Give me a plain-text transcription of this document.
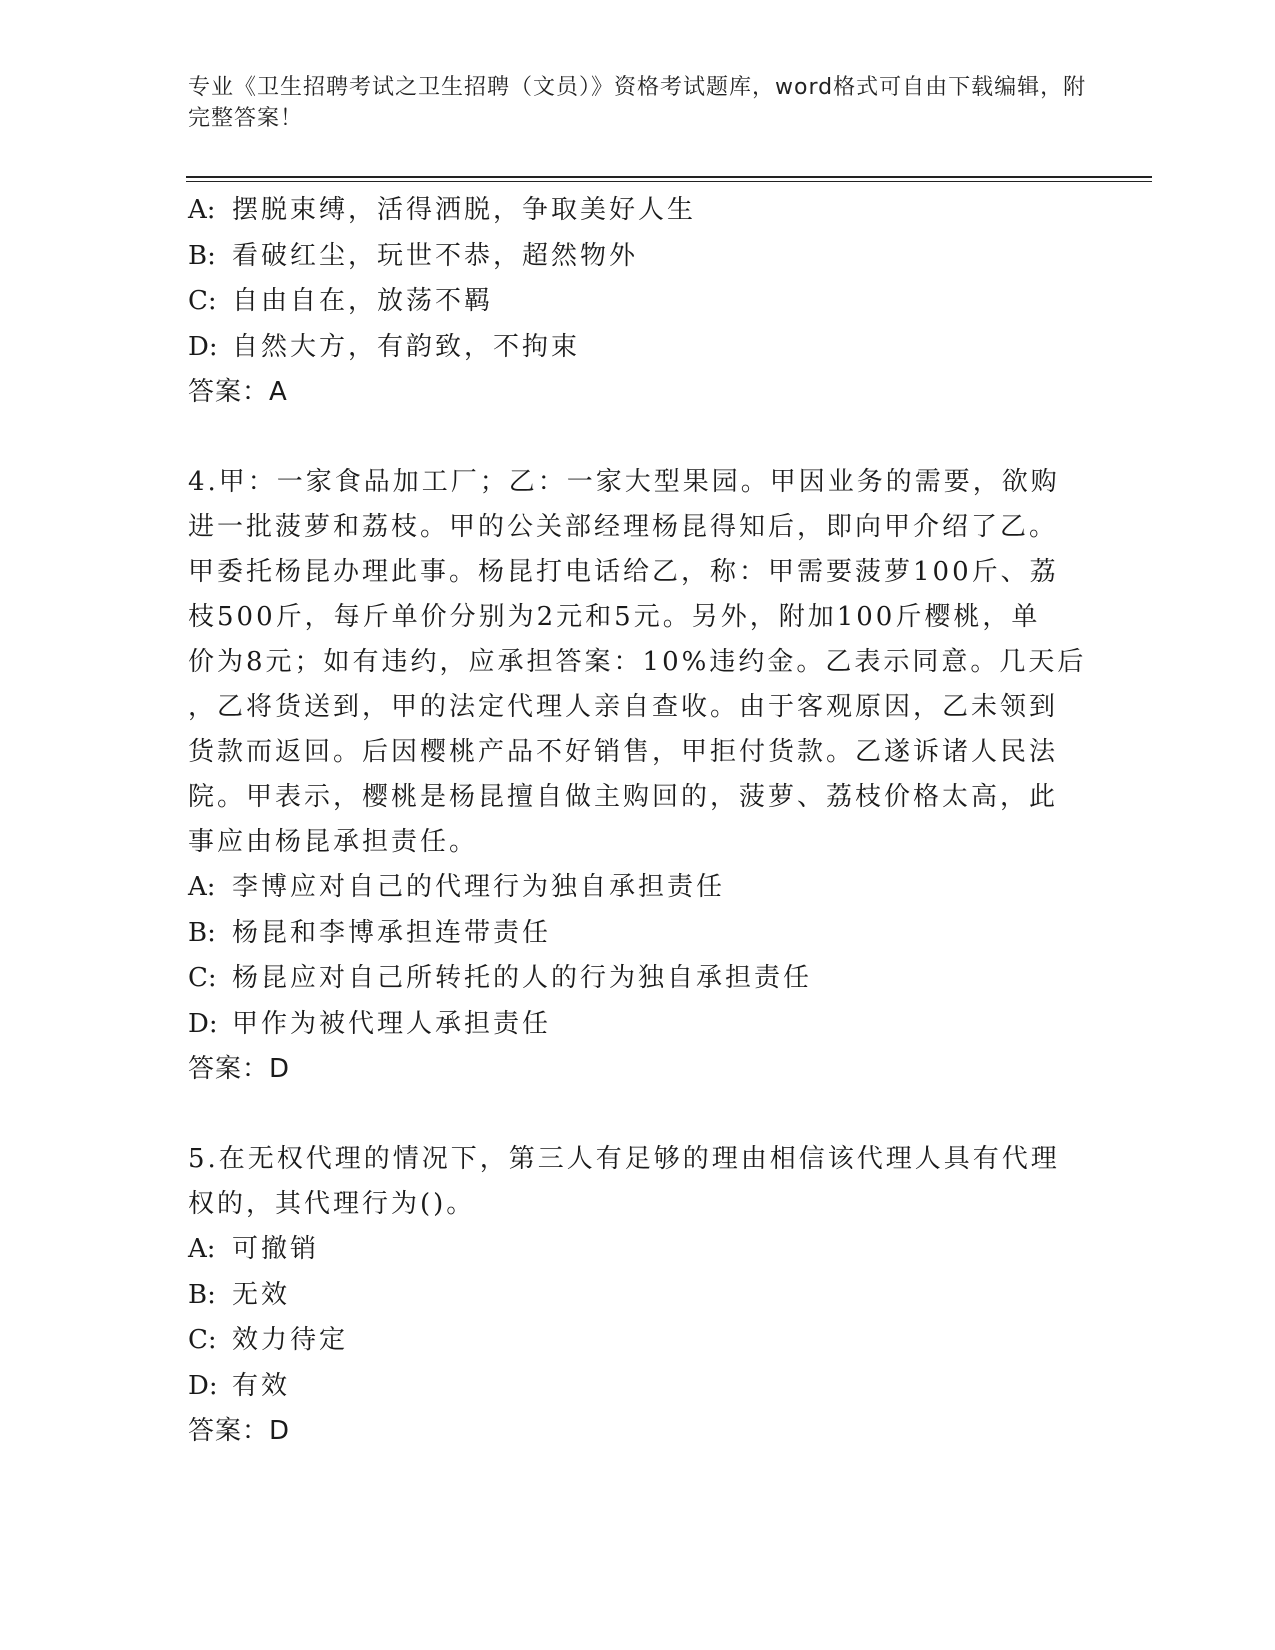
专业《卫生招聘考试之卫生招聘（文员）》资格考试题库，word格式可自由下载编辑，附完整答案！
A: 摆脱束缚，活得洒脱，争取美好人生
B: 看破红尘，玩世不恭，超然物外
C: 自由自在，放荡不羁
D: 自然大方，有韵致，不拘束
答案：A
4.甲：一家食品加工厂；乙：一家大型果园。甲因业务的需要，欲购
进一批菠萝和荔枝。甲的公关部经理杨昆得知后，即向甲介绍了乙。
甲委托杨昆办理此事。杨昆打电话给乙，称：甲需要菠萝100斤、荔
枝500斤，每斤单价分别为2元和5元。另外，附加100斤樱桃，单
价为8元；如有违约，应承担答案：10%违约金。乙表示同意。几天后
，乙将货送到，甲的法定代理人亲自查收。由于客观原因，乙未领到
货款而返回。后因樱桃产品不好销售，甲拒付货款。乙遂诉诸人民法
院。甲表示，樱桃是杨昆擅自做主购回的，菠萝、荔枝价格太高，此
事应由杨昆承担责任。
A: 李博应对自己的代理行为独自承担责任
B: 杨昆和李博承担连带责任
C: 杨昆应对自己所转托的人的行为独自承担责任
D: 甲作为被代理人承担责任
答案：D
5.在无权代理的情况下，第三人有足够的理由相信该代理人具有代理
权的，其代理行为()。
A: 可撤销
B: 无效
C: 效力待定
D: 有效
答案：D
